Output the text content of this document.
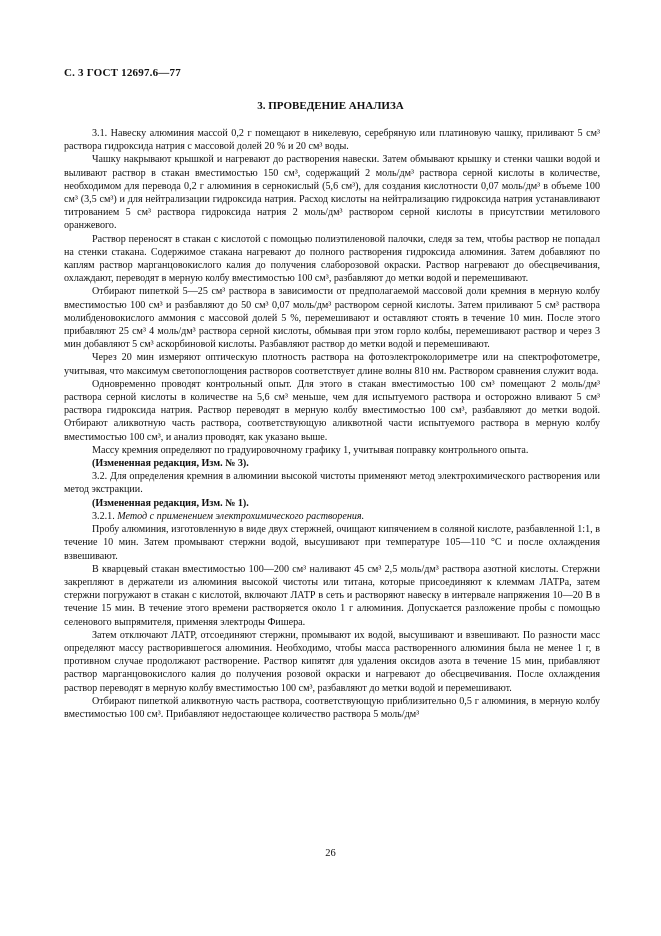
С. 3 ГОСТ 12697.6—77
3. ПРОВЕДЕНИЕ АНАЛИЗА

3.1. Навеску алюминия массой 0,2 г помещают в никелевую, серебряную или платиновую чашку, приливают 5 см³ раствора гидроксида натрия с массовой долей 20 % и 20 см³ воды.

Чашку накрывают крышкой и нагревают до растворения навески. Затем обмывают крышку и стенки чашки водой и выливают раствор в стакан вместимостью 150 см³, содержащий 2 моль/дм³ раствора серной кислоты в количестве, необходимом для перевода 0,2 г алюминия в сернокислый (5,6 см³), для создания кислотности 0,07 моль/дм³ в объеме 100 см³ (3,5 см³) и для нейтрализации гидроксида натрия. Расход кислоты на нейтрализацию гидроксида натрия устанавливают титрованием 5 см³ раствора гидроксида натрия 2 моль/дм³ раствором серной кислоты в присутствии метилового оранжевого.

Раствор переносят в стакан с кислотой с помощью полиэтиленовой палочки, следя за тем, чтобы раствор не попадал на стенки стакана. Содержимое стакана нагревают до полного растворения гидроксида алюминия. Затем добавляют по каплям раствор марганцовокислого калия до получения слаборозовой окраски. Раствор нагревают до обесцвечивания, охлаждают, переводят в мерную колбу вместимостью 100 см³, разбавляют до метки водой и перемешивают.

Отбирают пипеткой 5—25 см³ раствора в зависимости от предполагаемой массовой доли кремния в мерную колбу вместимостью 100 см³ и разбавляют до 50 см³ 0,07 моль/дм³ раствором серной кислоты. Затем приливают 5 см³ раствора молибденовокислого аммония с массовой долей 5 %, перемешивают и оставляют стоять в течение 10 мин. После этого прибавляют 25 см³ 4 моль/дм³ раствора серной кислоты, обмывая при этом горло колбы, перемешивают раствор и через 3 мин добавляют 5 см³ аскорбиновой кислоты. Разбавляют раствор до метки водой и перемешивают.

Через 20 мин измеряют оптическую плотность раствора на фотоэлектроколориметре или на спектрофотометре, учитывая, что максимум светопоглощения растворов соответствует длине волны 810 нм. Раствором сравнения служит вода.

Одновременно проводят контрольный опыт. Для этого в стакан вместимостью 100 см³ помещают 2 моль/дм³ раствора серной кислоты в количестве на 5,6 см³ меньше, чем для испытуемого раствора и осторожно вливают 5 см³ раствора гидроксида натрия. Раствор переводят в мерную колбу вместимостью 100 см³, разбавляют до метки водой. Отбирают аликвотную часть раствора, соответствующую аликвотной части испытуемого раствора в мерную колбу вместимостью 100 см³, и анализ проводят, как указано выше.

Массу кремния определяют по градуировочному графику 1, учитывая поправку контрольного опыта.

(Измененная редакция, Изм. № 3).

3.2. Для определения кремния в алюминии высокой чистоты применяют метод электрохимического растворения или метод экстракции.

(Измененная редакция, Изм. № 1).

3.2.1. Метод с применением электрохимического растворения.

Пробу алюминия, изготовленную в виде двух стержней, очищают кипячением в соляной кислоте, разбавленной 1:1, в течение 10 мин. Затем промывают стержни водой, высушивают при температуре 105—110 °С и после охлаждения взвешивают.

В кварцевый стакан вместимостью 100—200 см³ наливают 45 см³ 2,5 моль/дм³ раствора азотной кислоты. Стержни закрепляют в держатели из алюминия высокой чистоты или титана, которые присоединяют к клеммам ЛАТРа, затем стержни погружают в стакан с кислотой, включают ЛАТР в сеть и растворяют навеску в интервале напряжения 10—20 В в течение 15 мин. В течение этого времени растворяется около 1 г алюминия. Допускается разложение пробы с помощью селенового выпрямителя, применяя электроды Фишера.

Затем отключают ЛАТР, отсоединяют стержни, промывают их водой, высушивают и взвешивают. По разности масс определяют массу растворившегося алюминия. Необходимо, чтобы масса растворенного алюминия была не менее 1 г, в противном случае продолжают растворение. Раствор кипятят для удаления оксидов азота в течение 15 мин, прибавляют раствор марганцовокислого калия до получения розовой окраски и нагревают до обесцвечивания. После охлаждения раствор переводят в мерную колбу вместимостью 100 см³, разбавляют до метки водой и перемешивают.

Отбирают пипеткой аликвотную часть раствора, соответствующую приблизительно 0,5 г алюминия, в мерную колбу вместимостью 100 см³. Прибавляют недостающее количество раствора 5 моль/дм³

26
